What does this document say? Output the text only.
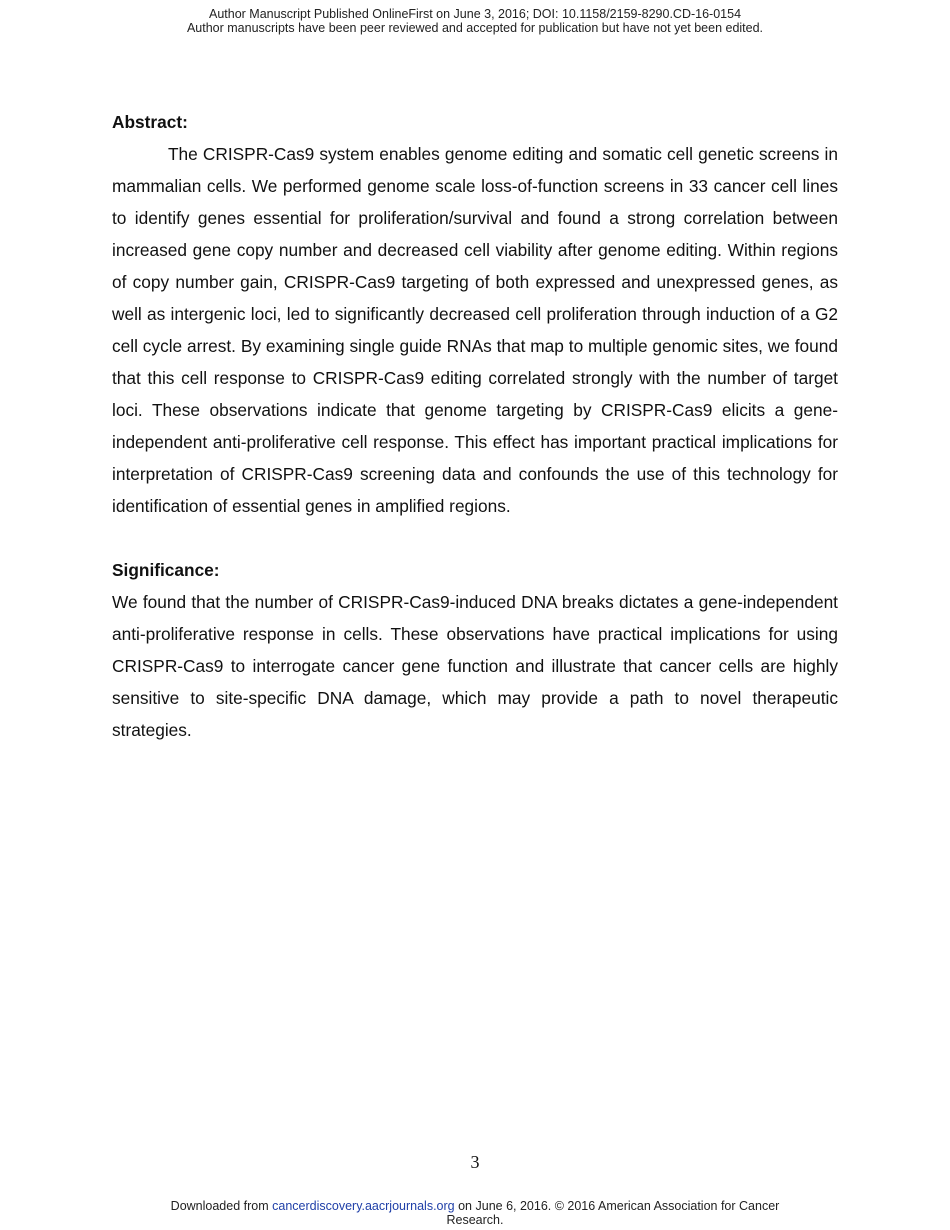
Author Manuscript Published OnlineFirst on June 3, 2016; DOI: 10.1158/2159-8290.CD-16-0154
Author manuscripts have been peer reviewed and accepted for publication but have not yet been edited.

Abstract:

The CRISPR-Cas9 system enables genome editing and somatic cell genetic screens in mammalian cells. We performed genome scale loss-of-function screens in 33 cancer cell lines to identify genes essential for proliferation/survival and found a strong correlation between increased gene copy number and decreased cell viability after genome editing. Within regions of copy number gain, CRISPR-Cas9 targeting of both expressed and unexpressed genes, as well as intergenic loci, led to significantly decreased cell proliferation through induction of a G2 cell cycle arrest. By examining single guide RNAs that map to multiple genomic sites, we found that this cell response to CRISPR-Cas9 editing correlated strongly with the number of target loci. These observations indicate that genome targeting by CRISPR-Cas9 elicits a gene-independent anti-proliferative cell response. This effect has important practical implications for interpretation of CRISPR-Cas9 screening data and confounds the use of this technology for identification of essential genes in amplified regions.

Significance:

We found that the number of CRISPR-Cas9-induced DNA breaks dictates a gene-independent anti-proliferative response in cells. These observations have practical implications for using CRISPR-Cas9 to interrogate cancer gene function and illustrate that cancer cells are highly sensitive to site-specific DNA damage, which may provide a path to novel therapeutic strategies.

3
Downloaded from cancerdiscovery.aacrjournals.org on June 6, 2016. © 2016 American Association for Cancer
Research.
